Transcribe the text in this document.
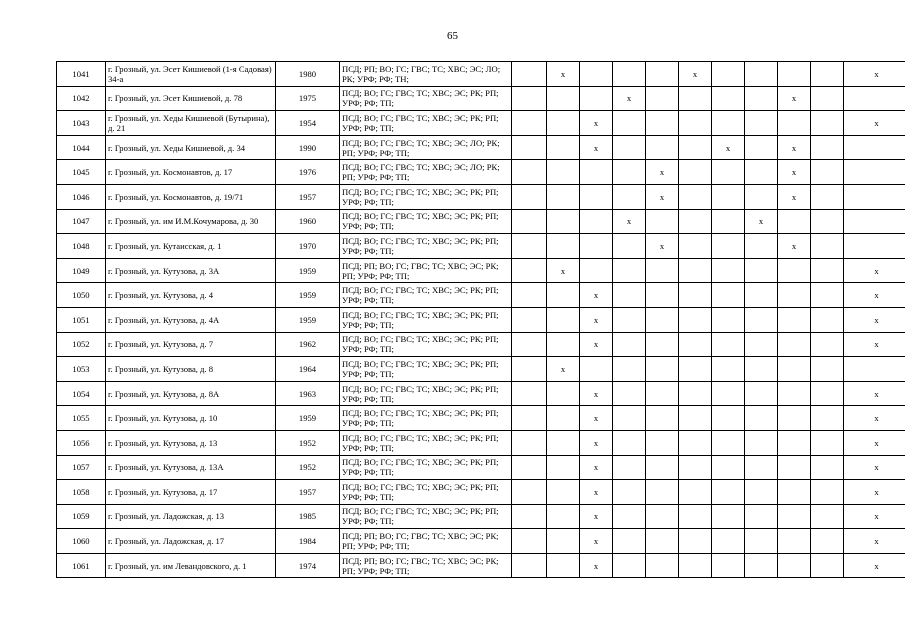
65
1041	г. Грозный, ул. Эсет Кишиевой (1-я Садовая) 34-а	1980	ПСД; РП; ВО; ГС; ГВС; ТС; ХВС; ЭС; ЛО; РК; УРФ; РФ; ТН;		x				x					x
1042	г. Грозный, ул. Эсет Кишиевой, д. 78	1975	ПСД; ВО; ГС; ГВС; ТС; ХВС; ЭС; РК; РП; УРФ; РФ; ТП;				x					x		
1043	г. Грозный, ул. Хеды Кишиевой (Бутырина), д. 21	1954	ПСД; ВО; ГС; ГВС; ТС; ХВС; ЭС; РК; РП; УРФ; РФ; ТП;			x								x
1044	г. Грозный, ул. Хеды Кишиевой, д. 34	1990	ПСД; ВО; ГС; ГВС; ТС; ХВС; ЭС; ЛО; РК; РП; УРФ; РФ; ТП;			x				x		x		
1045	г. Грозный, ул. Космонавтов, д. 17	1976	ПСД; ВО; ГС; ГВС; ТС; ХВС; ЭС; ЛО; РК; РП; УРФ; РФ; ТП;					x				x		
1046	г. Грозный, ул. Космонавтов, д. 19/71	1957	ПСД; ВО; ГС; ГВС; ТС; ХВС; ЭС; РК; РП; УРФ; РФ; ТП;					x				x		
1047	г. Грозный, ул. им И.М.Кочумарова, д. 30	1960	ПСД; ВО; ГС; ГВС; ТС; ХВС; ЭС; РК; РП; УРФ; РФ; ТП;				x				x			
1048	г. Грозный, ул. Кутаисская, д. 1	1970	ПСД; ВО; ГС; ГВС; ТС; ХВС; ЭС; РК; РП; УРФ; РФ; ТП;					x				x		
1049	г. Грозный, ул. Кутузова, д. 3А	1959	ПСД; РП; ВО; ГС; ГВС; ТС; ХВС; ЭС; РК; РП; УРФ; РФ; ТП;		x									x
1050	г. Грозный, ул. Кутузова, д. 4	1959	ПСД; ВО; ГС; ГВС; ТС; ХВС; ЭС; РК; РП; УРФ; РФ; ТП;			x								x
1051	г. Грозный, ул. Кутузова, д. 4А	1959	ПСД; ВО; ГС; ГВС; ТС; ХВС; ЭС; РК; РП; УРФ; РФ; ТП;			x								x
1052	г. Грозный, ул. Кутузова, д. 7	1962	ПСД; ВО; ГС; ГВС; ТС; ХВС; ЭС; РК; РП; УРФ; РФ; ТП;			x								x
1053	г. Грозный, ул. Кутузова, д. 8	1964	ПСД; ВО; ГС; ГВС; ТС; ХВС; ЭС; РК; РП; УРФ; РФ; ТП;		x									
1054	г. Грозный, ул. Кутузова, д. 8А	1963	ПСД; ВО; ГС; ГВС; ТС; ХВС; ЭС; РК; РП; УРФ; РФ; ТП;			x								x
1055	г. Грозный, ул. Кутузова, д. 10	1959	ПСД; ВО; ГС; ГВС; ТС; ХВС; ЭС; РК; РП; УРФ; РФ; ТП;			x								x
1056	г. Грозный, ул. Кутузова, д. 13	1952	ПСД; ВО; ГС; ГВС; ТС; ХВС; ЭС; РК; РП; УРФ; РФ; ТП;			x								x
1057	г. Грозный, ул. Кутузова, д. 13А	1952	ПСД; ВО; ГС; ГВС; ТС; ХВС; ЭС; РК; РП; УРФ; РФ; ТП;			x								x
1058	г. Грозный, ул. Кутузова, д. 17	1957	ПСД; ВО; ГС; ГВС; ТС; ХВС; ЭС; РК; РП; УРФ; РФ; ТП;			x								x
1059	г. Грозный, ул. Ладожская, д. 13	1985	ПСД; ВО; ГС; ГВС; ТС; ХВС; ЭС; РК; РП; УРФ; РФ; ТП;			x								x
1060	г. Грозный, ул. Ладожская, д. 17	1984	ПСД; РП; ВО; ГС; ГВС; ТС; ХВС; ЭС; РК; РП; УРФ; РФ; ТП;			x								x
1061	г. Грозный, ул. им Левандовского, д. 1	1974	ПСД; РП; ВО; ГС; ГВС; ТС; ХВС; ЭС; РК; РП; УРФ; РФ; ТП;			x								x
